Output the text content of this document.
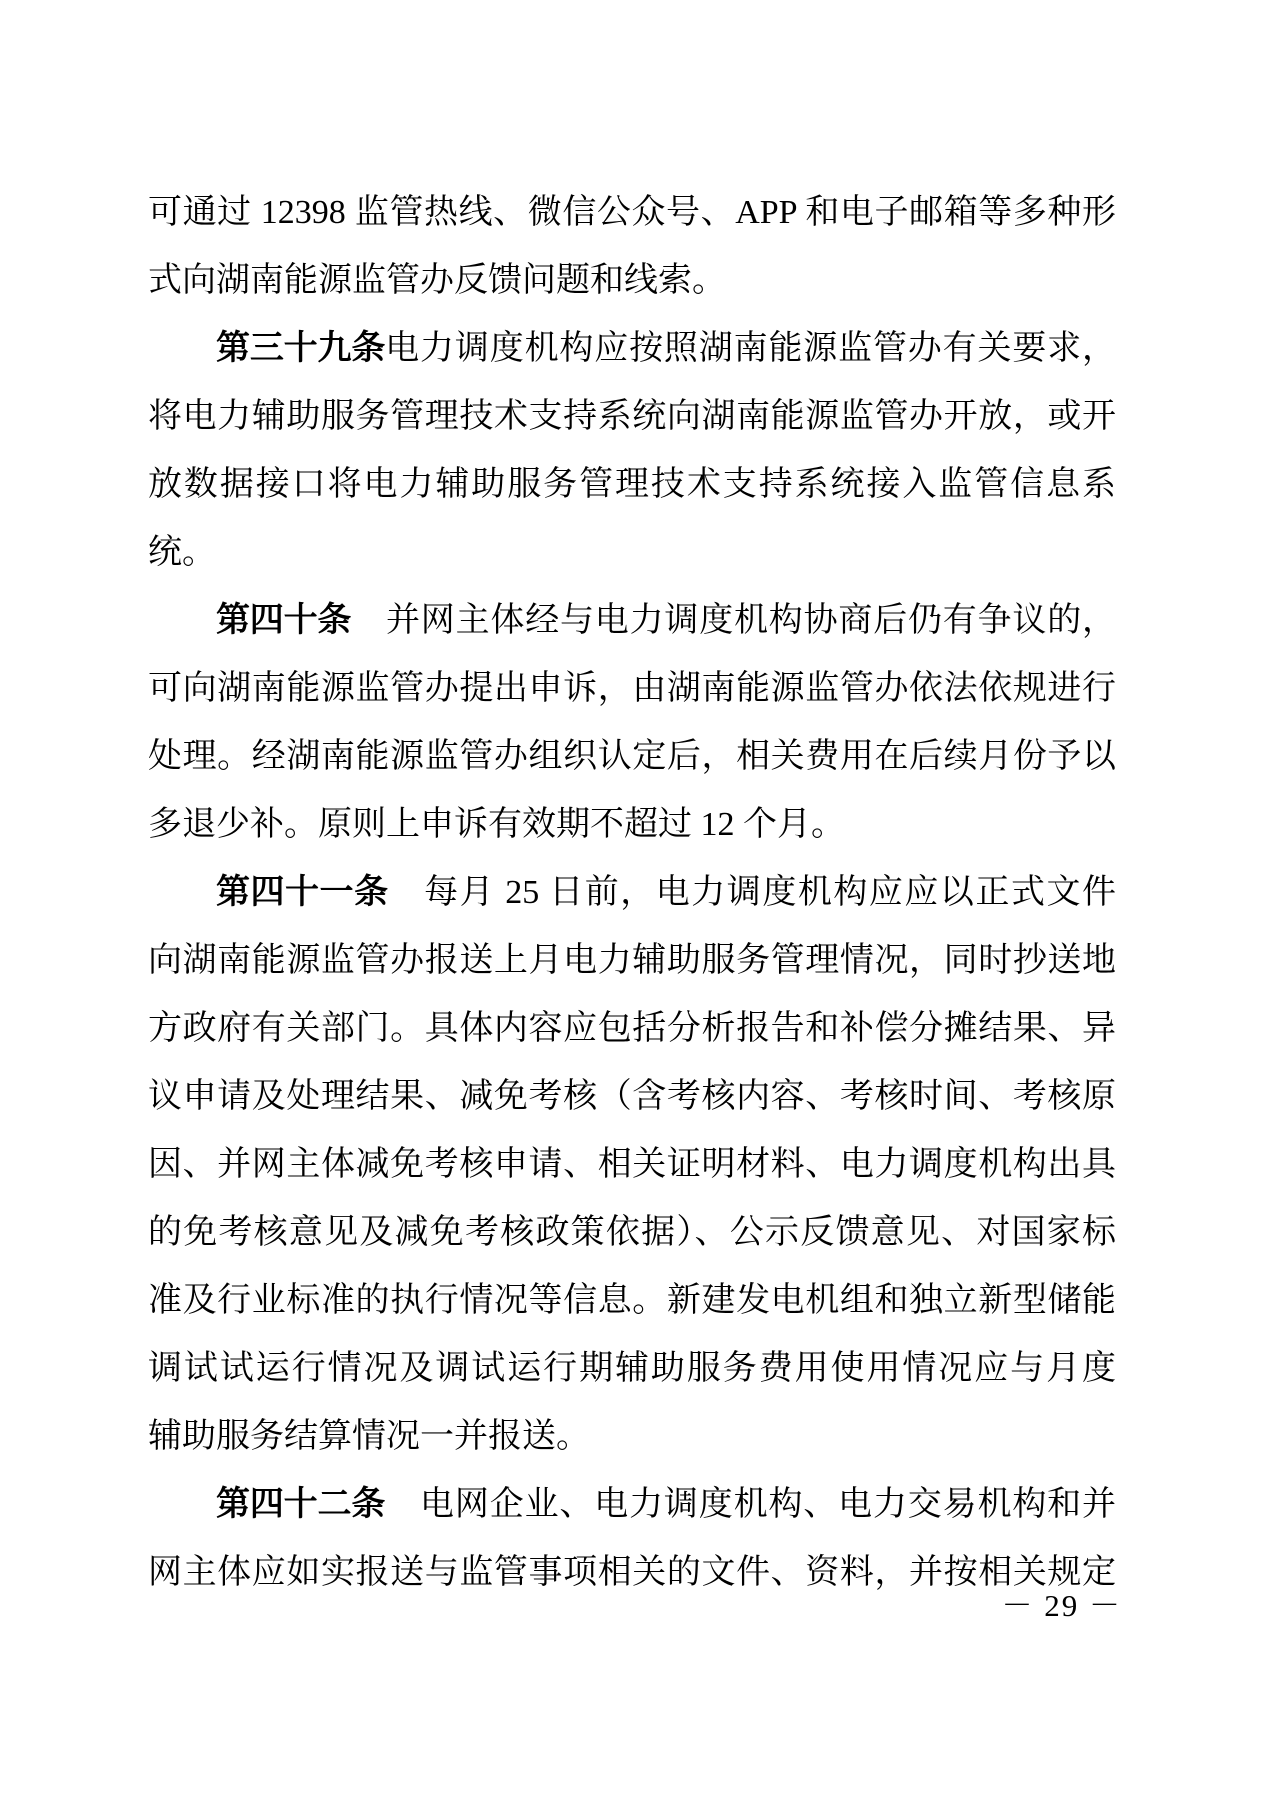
可通过 12398 监管热线、微信公众号、APP 和电子邮箱等多种形
式向湖南能源监管办反馈问题和线索。
第三十九条电力调度机构应按照湖南能源监管办有关要求，
将电力辅助服务管理技术支持系统向湖南能源监管办开放，或开
放数据接口将电力辅助服务管理技术支持系统接入监管信息系
统。
第四十条　并网主体经与电力调度机构协商后仍有争议的，
可向湖南能源监管办提出申诉，由湖南能源监管办依法依规进行
处理。经湖南能源监管办组织认定后，相关费用在后续月份予以
多退少补。原则上申诉有效期不超过 12 个月。
第四十一条　每月 25 日前，电力调度机构应应以正式文件
向湖南能源监管办报送上月电力辅助服务管理情况，同时抄送地
方政府有关部门。具体内容应包括分析报告和补偿分摊结果、异
议申请及处理结果、减免考核（含考核内容、考核时间、考核原
因、并网主体减免考核申请、相关证明材料、电力调度机构出具
的免考核意见及减免考核政策依据）、公示反馈意见、对国家标
准及行业标准的执行情况等信息。新建发电机组和独立新型储能
调试试运行情况及调试运行期辅助服务费用使用情况应与月度
辅助服务结算情况一并报送。
第四十二条　电网企业、电力调度机构、电力交易机构和并
网主体应如实报送与监管事项相关的文件、资料，并按相关规定
－ 29 －
